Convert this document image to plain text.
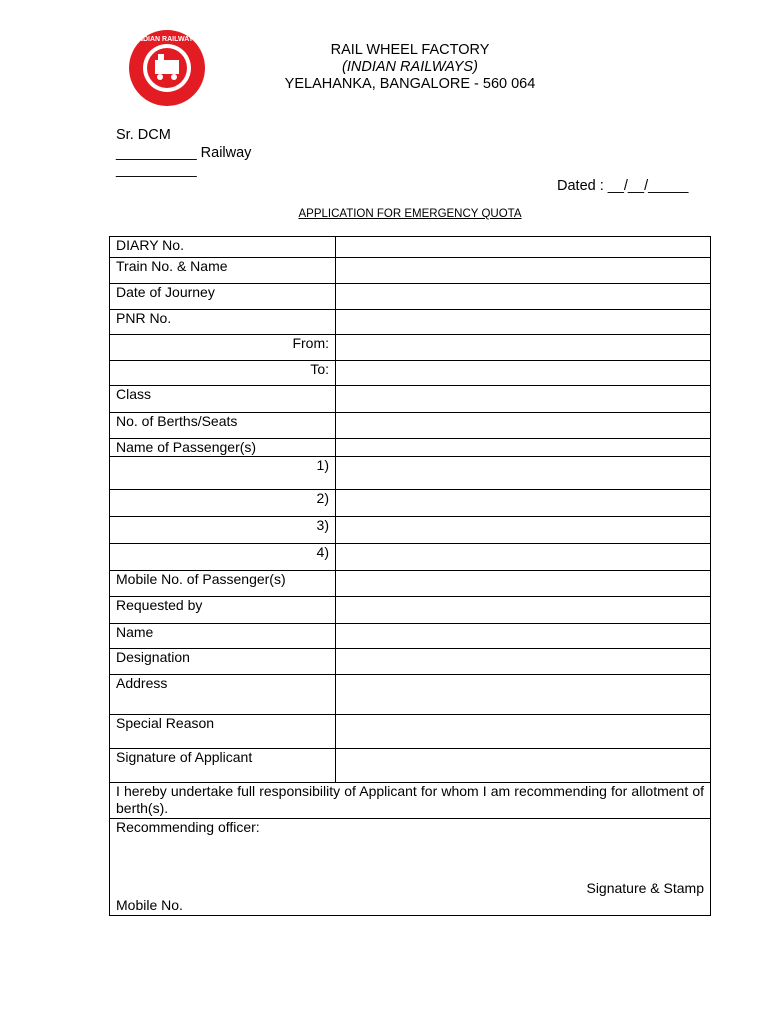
INDIAN RAILWAYS
RAIL WHEEL FACTORY
(INDIAN RAILWAYS)
YELAHANKA, BANGALORE - 560 064
Sr. DCM
__________ Railway
__________
Dated : __/__/_____
APPLICATION FOR EMERGENCY QUOTA
DIARY No.	
Train No. & Name	
Date of Journey	
PNR No.	
From:	
To:	
Class	
No. of Berths/Seats	
Name of Passenger(s)	
1)	
2)	
3)	
4)	
Mobile No. of Passenger(s)	
Requested by	
Name	
Designation	
Address	
Special Reason	
Signature of Applicant	
I hereby undertake full responsibility of Applicant for whom I am recommending for allotment of berth(s).	

Recommending officer:
Signature & Stamp
Mobile No.	
